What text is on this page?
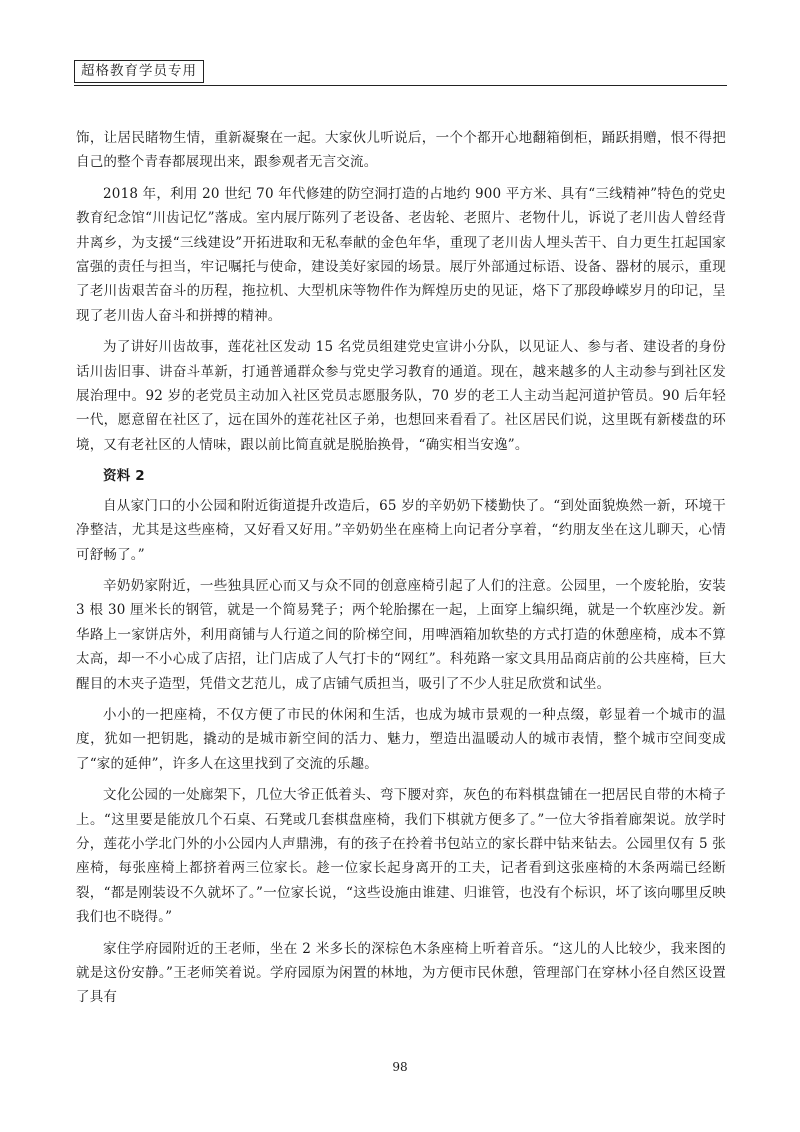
超格教育学员专用

饰，让居民睹物生情，重新凝聚在一起。大家伙儿听说后，一个个都开心地翻箱倒柜，踊跃捐赠，恨不得把自己的整个青春都展现出来，跟参观者无言交流。

2018 年，利用 20 世纪 70 年代修建的防空洞打造的占地约 900 平方米、具有“三线精神”特色的党史教育纪念馆“川齿记忆”落成。室内展厅陈列了老设备、老齿轮、老照片、老物什儿，诉说了老川齿人曾经背井离乡，为支援“三线建设”开拓进取和无私奉献的金色年华，重现了老川齿人埋头苦干、自力更生扛起国家富强的责任与担当，牢记嘱托与使命，建设美好家园的场景。展厅外部通过标语、设备、器材的展示，重现了老川齿艰苦奋斗的历程，拖拉机、大型机床等物件作为辉煌历史的见证，烙下了那段峥嵘岁月的印记，呈现了老川齿人奋斗和拼搏的精神。

为了讲好川齿故事，莲花社区发动 15 名党员组建党史宣讲小分队，以见证人、参与者、建设者的身份话川齿旧事、讲奋斗革新，打通普通群众参与党史学习教育的通道。现在，越来越多的人主动参与到社区发展治理中。92 岁的老党员主动加入社区党员志愿服务队，70 岁的老工人主动当起河道护管员。90 后年轻一代，愿意留在社区了，远在国外的莲花社区子弟，也想回来看看了。社区居民们说，这里既有新楼盘的环境，又有老社区的人情味，跟以前比简直就是脱胎换骨，“确实相当安逸”。

资料 2

自从家门口的小公园和附近街道提升改造后，65 岁的辛奶奶下楼勤快了。“到处面貌焕然一新，环境干净整洁，尤其是这些座椅，又好看又好用。”辛奶奶坐在座椅上向记者分享着，“约朋友坐在这儿聊天，心情可舒畅了。”

辛奶奶家附近，一些独具匠心而又与众不同的创意座椅引起了人们的注意。公园里，一个废轮胎，安装 3 根 30 厘米长的钢管，就是一个简易凳子；两个轮胎摞在一起，上面穿上编织绳，就是一个软座沙发。新华路上一家饼店外，利用商铺与人行道之间的阶梯空间，用啤酒箱加软垫的方式打造的休憩座椅，成本不算太高，却一不小心成了店招，让门店成了人气打卡的“网红”。科苑路一家文具用品商店前的公共座椅，巨大醒目的木夹子造型，凭借文艺范儿，成了店铺气质担当，吸引了不少人驻足欣赏和试坐。

小小的一把座椅，不仅方便了市民的休闲和生活，也成为城市景观的一种点缀，彰显着一个城市的温度，犹如一把钥匙，撬动的是城市新空间的活力、魅力，塑造出温暖动人的城市表情，整个城市空间变成了“家的延伸”，许多人在这里找到了交流的乐趣。

文化公园的一处廊架下，几位大爷正低着头、弯下腰对弈，灰色的布料棋盘铺在一把居民自带的木椅子上。“这里要是能放几个石桌、石凳或几套棋盘座椅，我们下棋就方便多了。”一位大爷指着廊架说。放学时分，莲花小学北门外的小公园内人声鼎沸，有的孩子在拎着书包站立的家长群中钻来钻去。公园里仅有 5 张座椅，每张座椅上都挤着两三位家长。趁一位家长起身离开的工夫，记者看到这张座椅的木条两端已经断裂，“都是刚装设不久就坏了。”一位家长说，“这些设施由谁建、归谁管，也没有个标识，坏了该向哪里反映我们也不晓得。”

家住学府园附近的王老师，坐在 2 米多长的深棕色木条座椅上听着音乐。“这儿的人比较少，我来图的就是这份安静。”王老师笑着说。学府园原为闲置的林地，为方便市民休憩，管理部门在穿林小径自然区设置了具有

98
